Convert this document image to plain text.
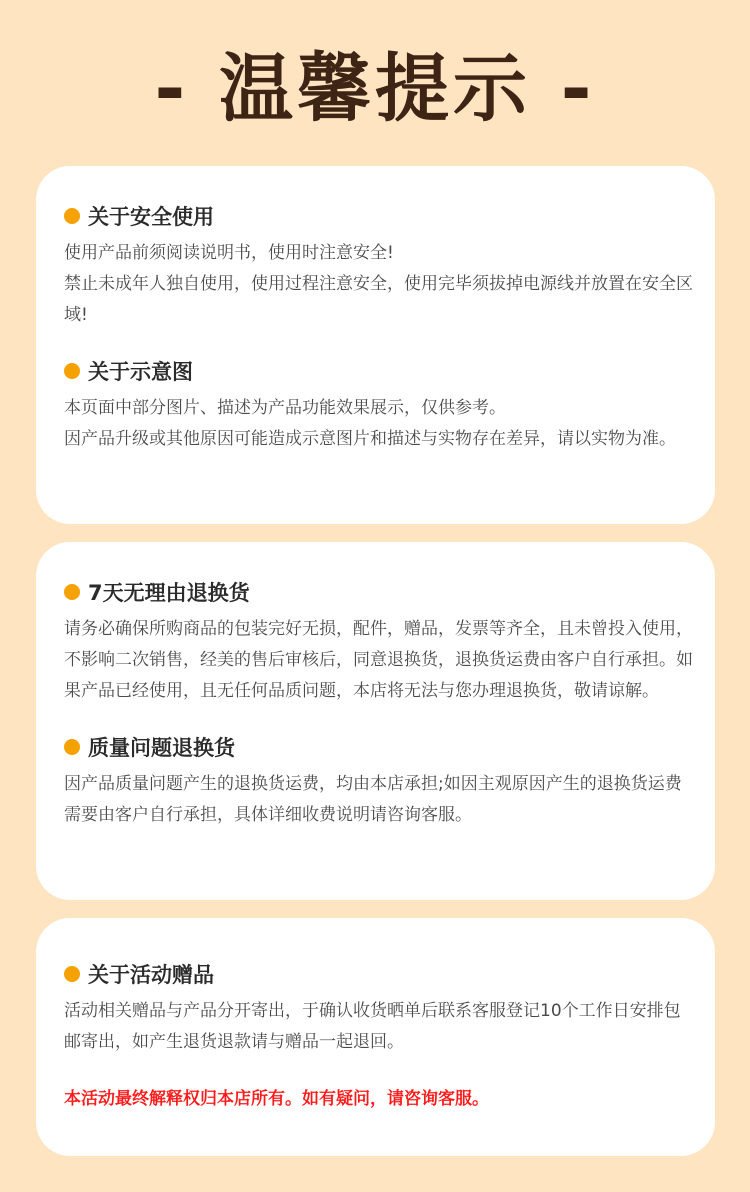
- 温馨提示 -
关于安全使用

使用产品前须阅读说明书，使用时注意安全!

禁止未成年人独自使用，使用过程注意安全，使用完毕须拔掉电源线并放置在安全区域!

关于示意图

本页面中部分图片、描述为产品功能效果展示，仅供参考。

因产品升级或其他原因可能造成示意图片和描述与实物存在差异，请以实物为准。

7天无理由退换货

请务必确保所购商品的包装完好无损，配件，赠品，发票等齐全，且未曾投入使用，不影响二次销售，经美的售后审核后，同意退换货，退换货运费由客户自行承担。如果产品已经使用，且无任何品质问题，本店将无法与您办理退换货，敬请谅解。

质量问题退换货

因产品质量问题产生的退换货运费，均由本店承担;如因主观原因产生的退换货运费需要由客户自行承担，具体详细收费说明请咨询客服。

关于活动赠品

活动相关赠品与产品分开寄出，于确认收货晒单后联系客服登记10个工作日安排包邮寄出，如产生退货退款请与赠品一起退回。

本活动最终解释权归本店所有。如有疑问，请咨询客服。
